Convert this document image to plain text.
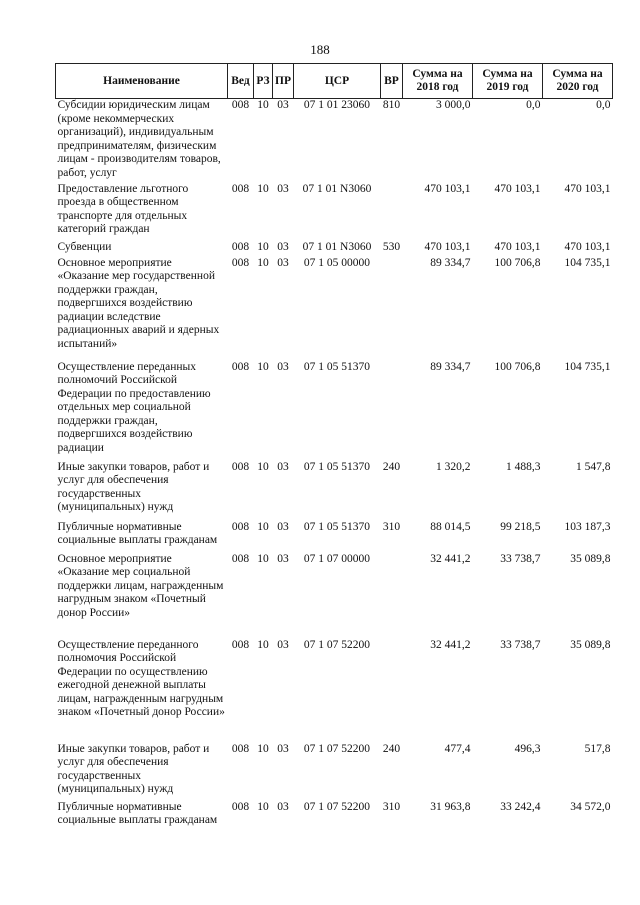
188
Наименование	Вед	РЗ	ПР	ЦСР	ВР	Сумма на 2018 год	Сумма на 2019 год	Сумма на 2020 год
Субсидии юридическим лицам (кроме некоммерческих организаций), индивидуальным предпринимателям, физическим лицам - производителям товаров, работ, услуг	008	10	03	07 1 01 23060	810	3 000,0	0,0	0,0
Предоставление льготного проезда в общественном транспорте для отдельных категорий граждан	008	10	03	07 1 01 N3060		470 103,1	470 103,1	470 103,1
Субвенции	008	10	03	07 1 01 N3060	530	470 103,1	470 103,1	470 103,1
Основное мероприятие «Оказание мер государственной поддержки граждан, подвергшихся воздействию радиации вследствие радиационных аварий и ядерных испытаний»	008	10	03	07 1 05 00000		89 334,7	100 706,8	104 735,1
Осуществление переданных полномочий Российской Федерации по предоставлению отдельных мер социальной поддержки граждан, подвергшихся воздействию радиации	008	10	03	07 1 05 51370		89 334,7	100 706,8	104 735,1
Иные закупки товаров, работ и услуг для обеспечения государственных (муниципальных) нужд	008	10	03	07 1 05 51370	240	1 320,2	1 488,3	1 547,8
Публичные нормативные социальные выплаты гражданам	008	10	03	07 1 05 51370	310	88 014,5	99 218,5	103 187,3
Основное мероприятие «Оказание мер социальной поддержки лицам, награжденным нагрудным знаком «Почетный донор России»	008	10	03	07 1 07 00000		32 441,2	33 738,7	35 089,8
Осуществление переданного полномочия Российской Федерации по осуществлению ежегодной денежной выплаты лицам, награжденным нагрудным знаком «Почетный донор России»	008	10	03	07 1 07 52200		32 441,2	33 738,7	35 089,8
Иные закупки товаров, работ и услуг для обеспечения государственных (муниципальных) нужд	008	10	03	07 1 07 52200	240	477,4	496,3	517,8
Публичные нормативные социальные выплаты гражданам	008	10	03	07 1 07 52200	310	31 963,8	33 242,4	34 572,0
